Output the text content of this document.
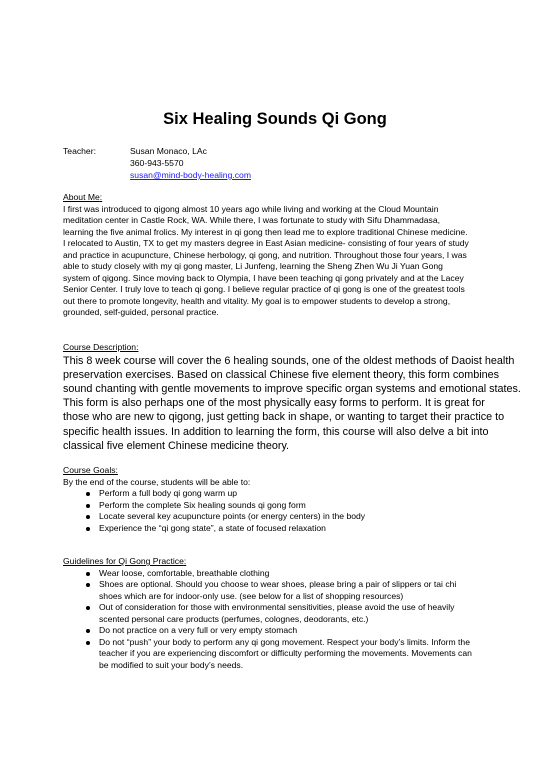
Six Healing Sounds Qi Gong
Teacher:	Susan Monaco, LAc
360-943-5570
susan@mind-body-healing.com
About Me:
I first was introduced to qigong almost 10 years ago while living and working at the Cloud Mountain
meditation center in Castle Rock, WA. While there, I was fortunate to study with Sifu Dhammadasa,
learning the five animal frolics. My interest in qi gong then lead me to explore traditional Chinese medicine.
I relocated to Austin, TX to get my masters degree in East Asian medicine- consisting of four years of study
and practice in acupuncture, Chinese herbology, qi gong, and nutrition. Throughout those four years, I was
able to study closely with my qi gong master, Li Junfeng, learning the Sheng Zhen Wu Ji Yuan Gong
system of qigong. Since moving back to Olympia, I have been teaching qi gong privately and at the Lacey
Senior Center. I truly love to teach qi gong. I believe regular practice of qi gong is one of the greatest tools
out there to promote longevity, health and vitality. My goal is to empower students to develop a strong,
grounded, self-guided, personal practice.
Course Description:
This 8 week course will cover the 6 healing sounds, one of the oldest methods of Daoist health
preservation exercises. Based on classical Chinese five element theory, this form combines
sound chanting with gentle movements to improve specific organ systems and emotional states.
This form is also perhaps one of the most physically easy forms to perform. It is great for
those who are new to qigong, just getting back in shape, or wanting to target their practice to
specific health issues. In addition to learning the form, this course will also delve a bit into
classical five element Chinese medicine theory.
Course Goals:
By the end of the course, students will be able to:
Perform a full body qi gong warm up
Perform the complete Six healing sounds qi gong form
Locate several key acupuncture points (or energy centers) in the body
Experience the “qi gong state”, a state of focused relaxation
Guidelines for Qi Gong Practice:
Wear loose, comfortable, breathable clothing
Shoes are optional. Should you choose to wear shoes, please bring a pair of slippers or tai chi
shoes which are for indoor-only use. (see below for a list of shopping resources)
Out of consideration for those with environmental sensitivities, please avoid the use of heavily
scented personal care products (perfumes, colognes, deodorants, etc.)
Do not practice on a very full or very empty stomach
Do not “push” your body to perform any qi gong movement. Respect your body’s limits. Inform the
teacher if you are experiencing discomfort or difficulty performing the movements. Movements can
be modified to suit your body’s needs.
